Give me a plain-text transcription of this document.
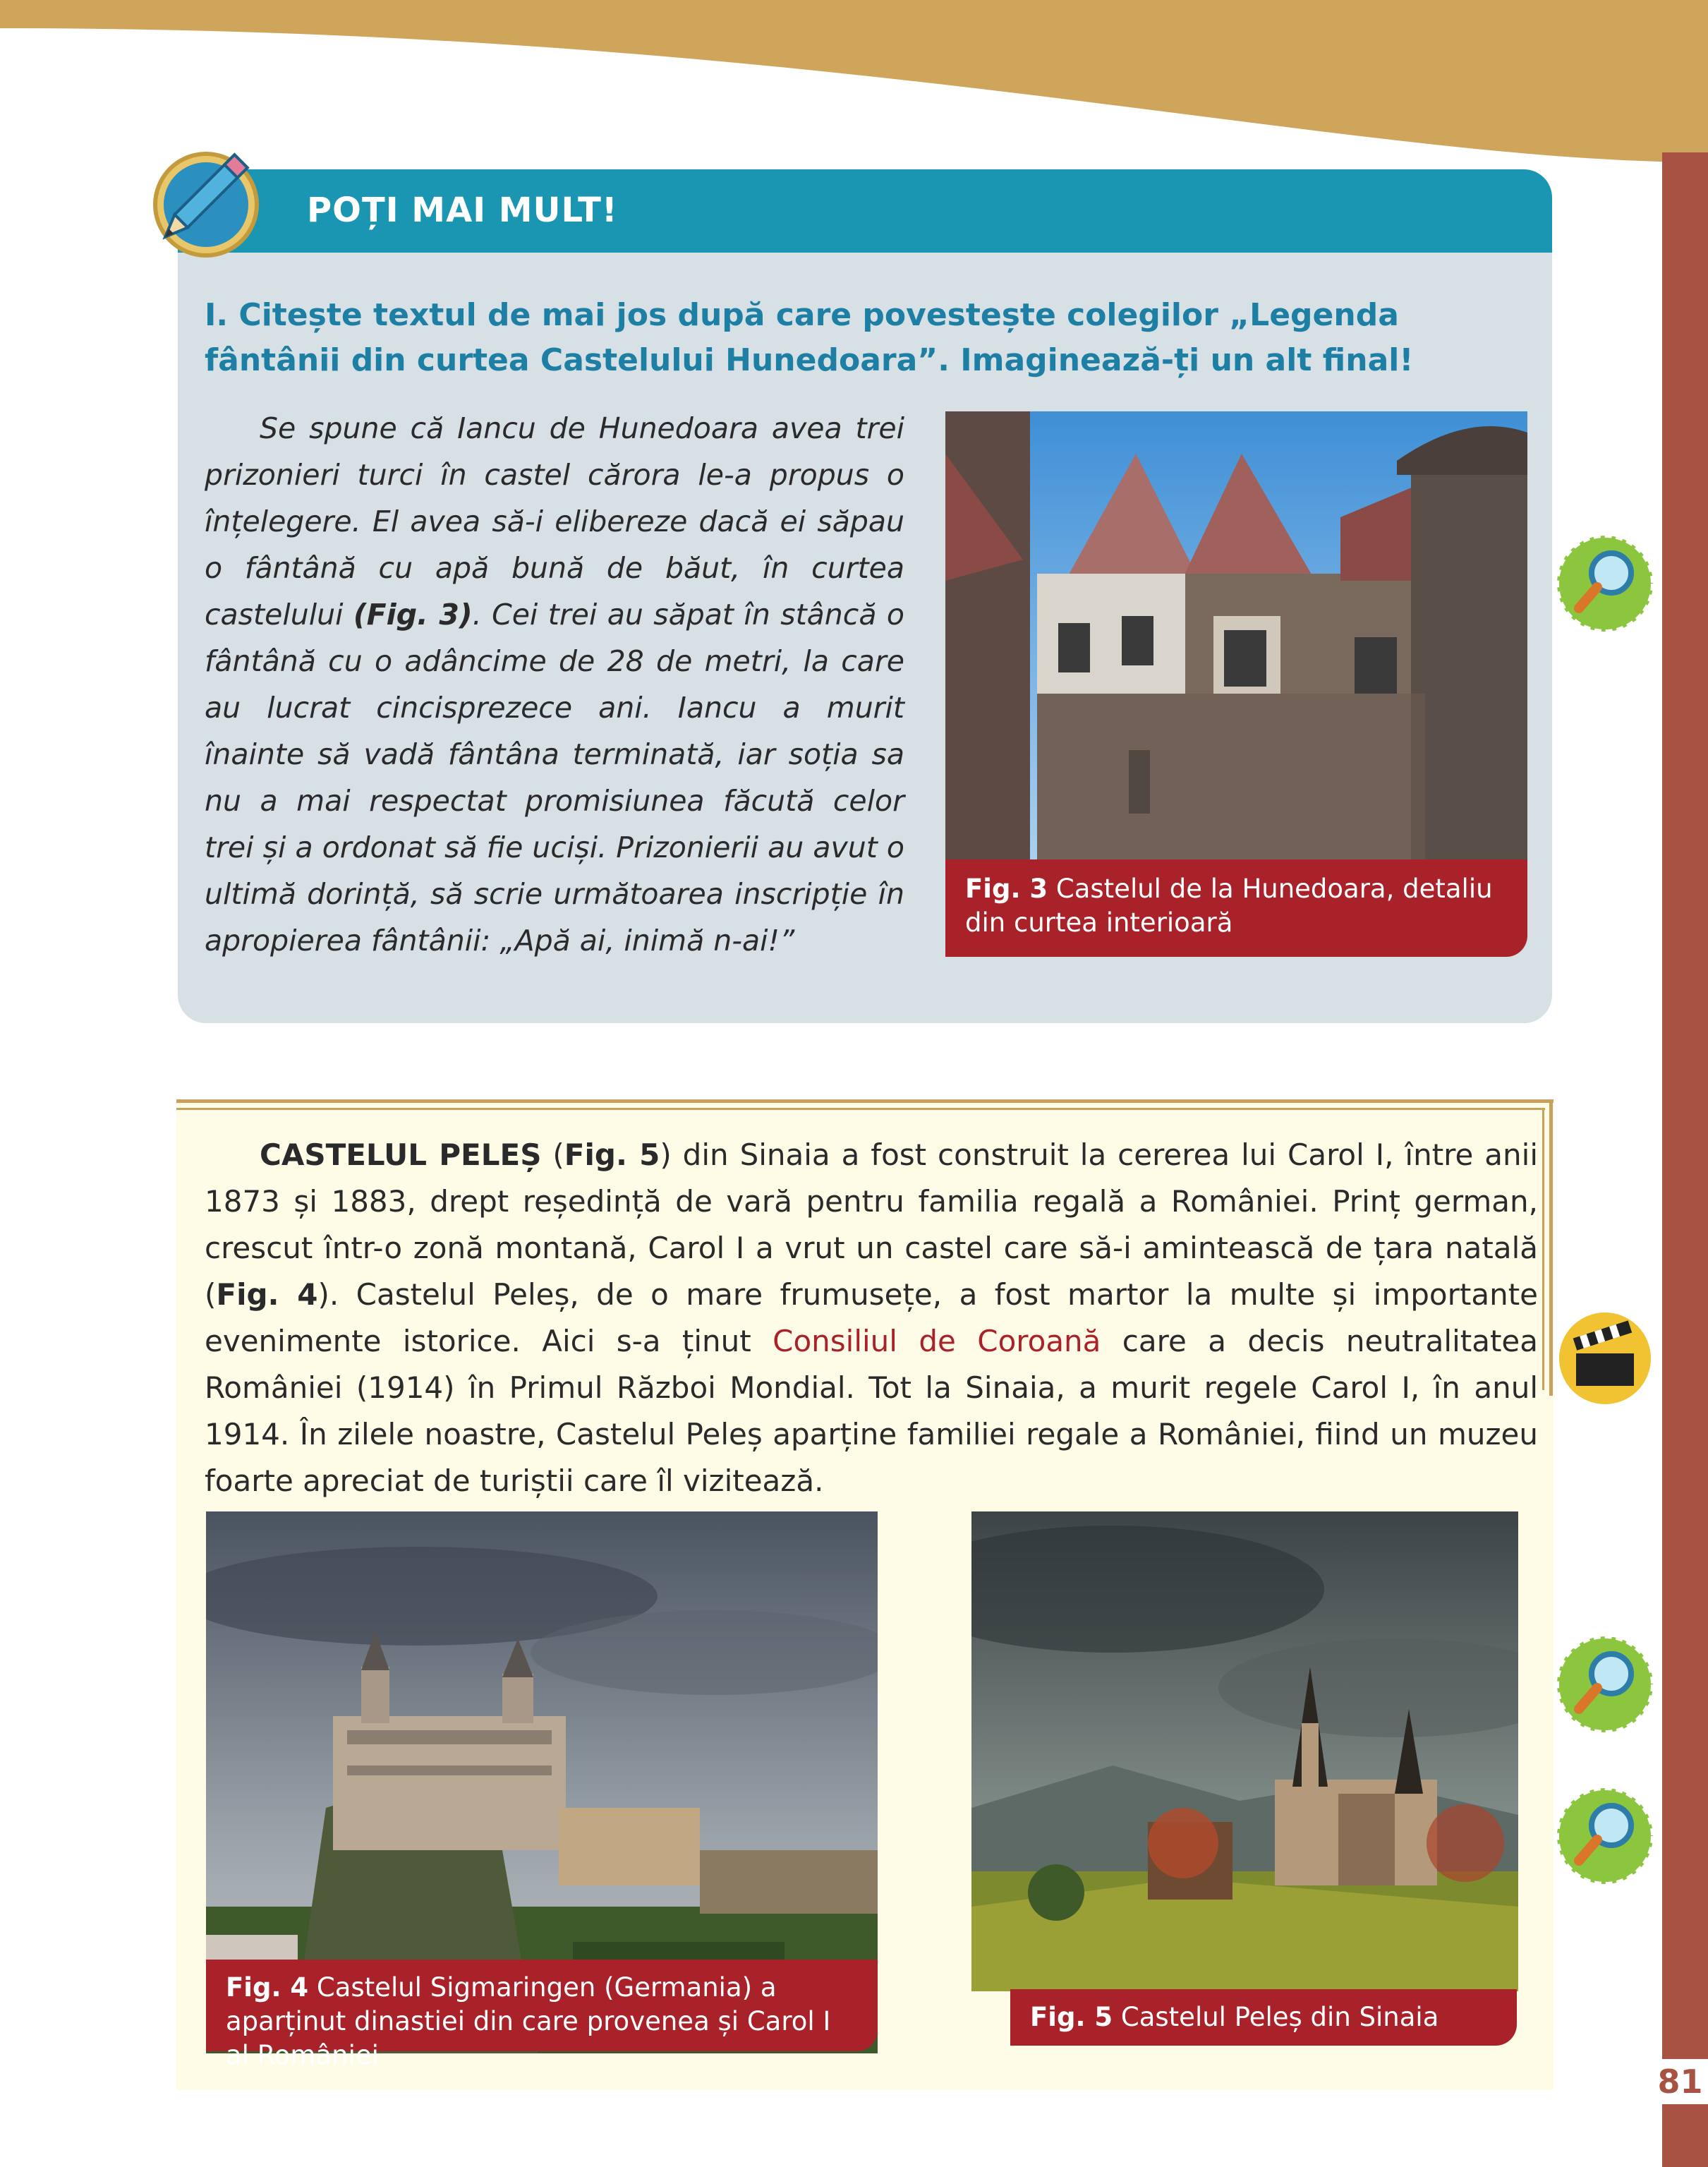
81
POȚI MAI MULT!
I. Citește textul de mai jos după care povestește colegilor „Legenda fântânii din curtea Castelului Hunedoara”. Imaginează-ți un alt final!

Se spune că Iancu de Hunedoara avea trei prizonieri turci în castel cărora le-a propus o înțelegere. El avea să-i elibereze dacă ei săpau o fântână cu apă bună de băut, în curtea castelului (Fig. 3). Cei trei au săpat în stâncă o fântână cu o adâncime de 28 de metri, la care au lucrat cincisprezece ani. Iancu a murit înainte să vadă fântâna terminată, iar soția sa nu a mai respectat promisiunea făcută celor trei și a ordonat să fie uciși. Prizonierii au avut o ultimă dorință, să scrie următoarea inscripție în apropierea fântânii: „Apă ai, inimă n-ai!”

Fig. 3 Castelul de la Hunedoara, detaliu din curtea interioară

CASTELUL PELEȘ (Fig. 5) din Sinaia a fost construit la cererea lui Carol I, între anii 1873 și 1883, drept reședință de vară pentru familia regală a României. Prinț german, crescut într-o zonă montană, Carol I a vrut un castel care să-i amintească de țara natală (Fig. 4). Castelul Peleș, de o mare frumusețe, a fost martor la multe și importante evenimente istorice. Aici s-a ținut Consiliul de Coroană care a decis neutralitatea României (1914) în Primul Război Mondial. Tot la Sinaia, a murit regele Carol I, în anul 1914. În zilele noastre, Castelul Peleș aparține familiei regale a României, fiind un muzeu foarte apreciat de turiștii care îl vizitează.

Fig. 4 Castelul Sigmaringen (Germania) a aparținut dinastiei din care provenea și Carol I al României
Fig. 5 Castelul Peleș din Sinaia
